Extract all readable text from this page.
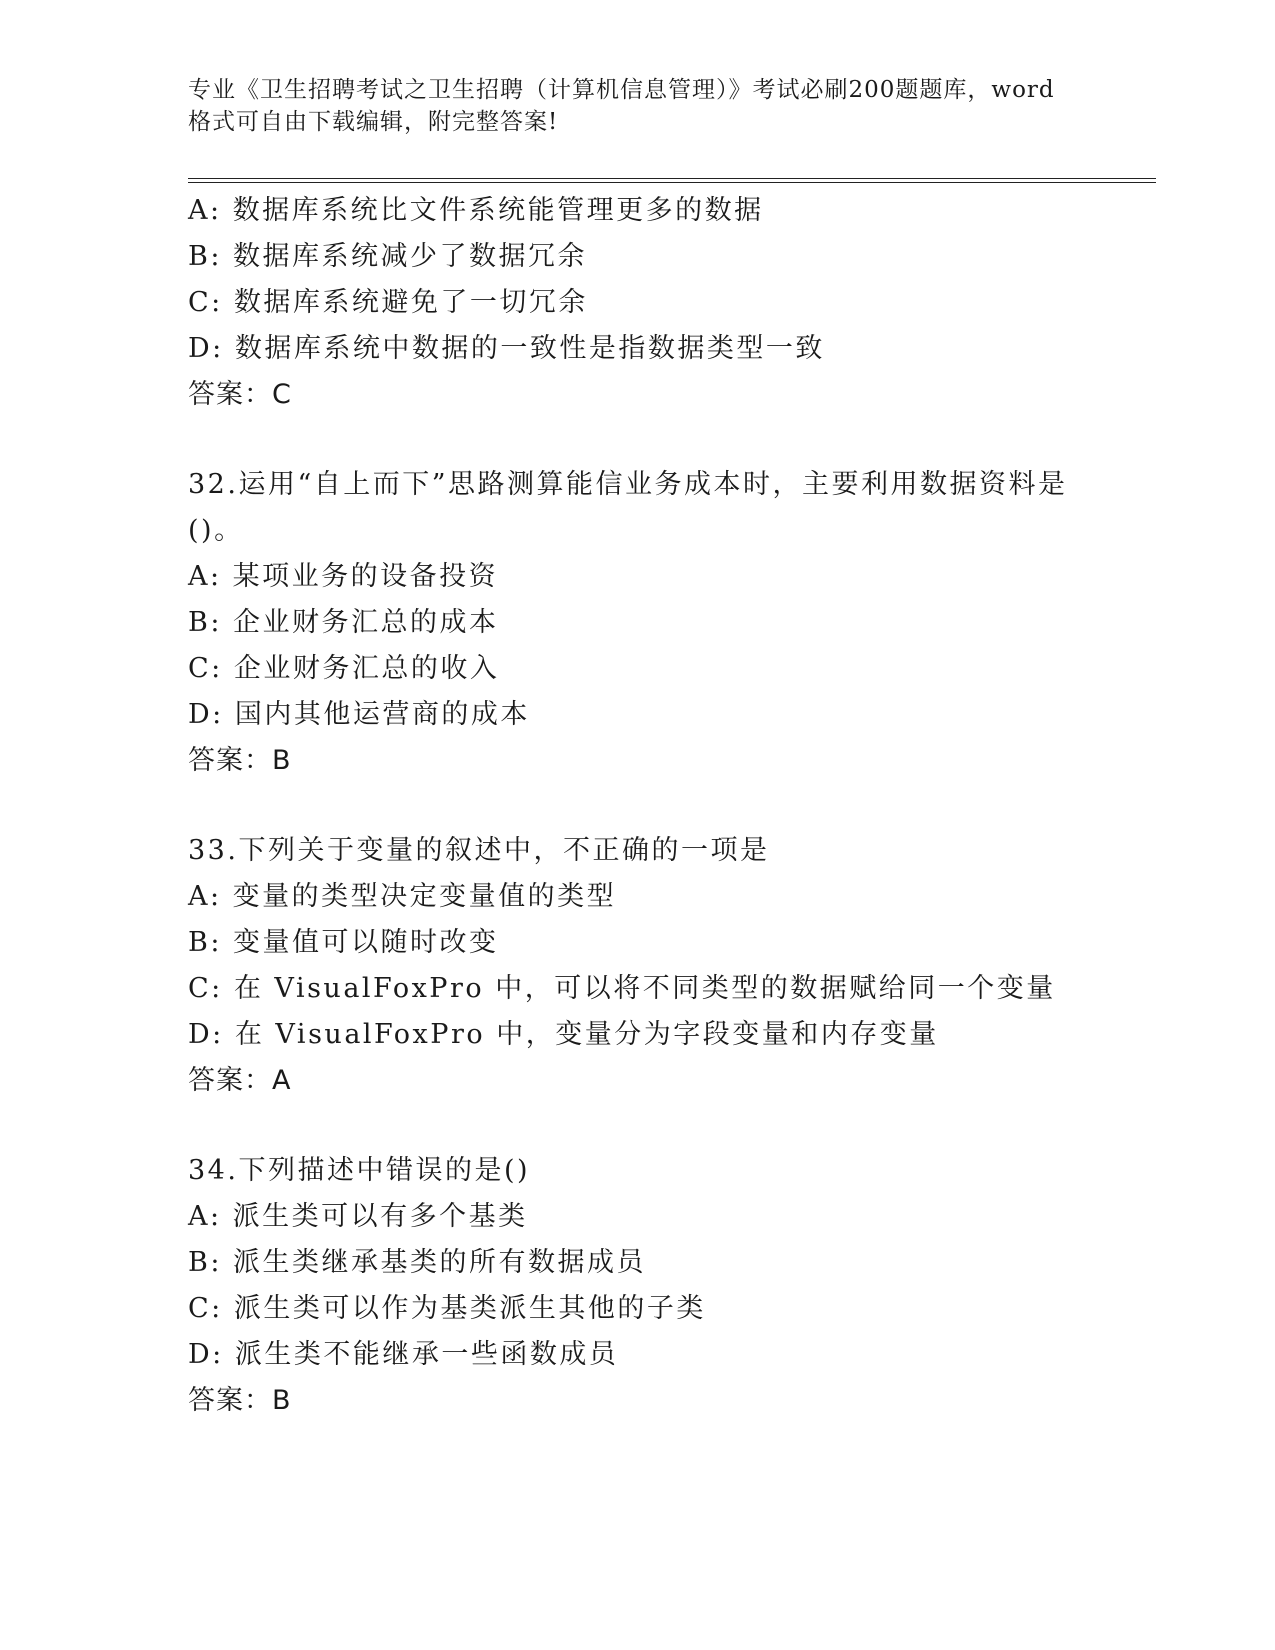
专业《卫生招聘考试之卫生招聘（计算机信息管理）》考试必刷200题题库，word
格式可自由下载编辑，附完整答案!
A: 数据库系统比文件系统能管理更多的数据
B: 数据库系统减少了数据冗余
C: 数据库系统避免了一切冗余
D: 数据库系统中数据的一致性是指数据类型一致
答案：C
32.运用“自上而下”思路测算能信业务成本时，主要利用数据资料是
()。
A: 某项业务的设备投资
B: 企业财务汇总的成本
C: 企业财务汇总的收入
D: 国内其他运营商的成本
答案：B
33.下列关于变量的叙述中，不正确的一项是
A: 变量的类型决定变量值的类型
B: 变量值可以随时改变
C: 在 VisualFoxPro 中，可以将不同类型的数据赋给同一个变量
D: 在 VisualFoxPro 中，变量分为字段变量和内存变量
答案：A
34.下列描述中错误的是()
A: 派生类可以有多个基类
B: 派生类继承基类的所有数据成员
C: 派生类可以作为基类派生其他的子类
D: 派生类不能继承一些函数成员
答案：B
